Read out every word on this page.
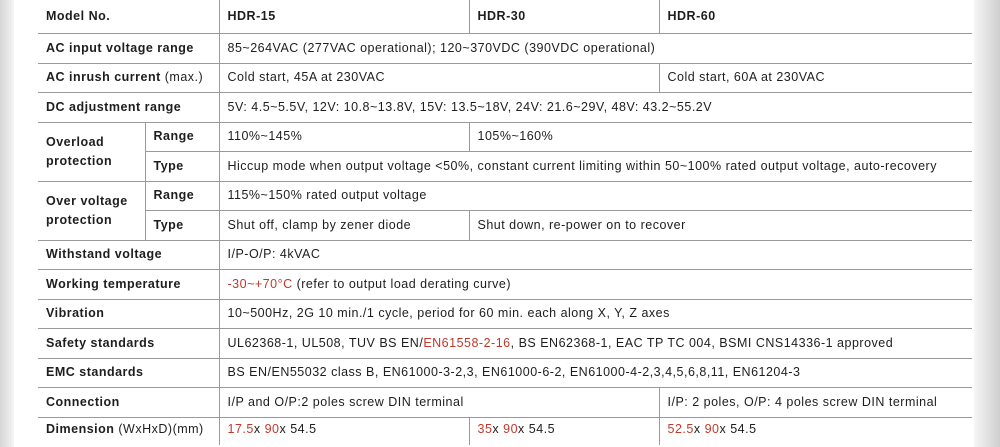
Model No.		HDR-15	HDR-30	HDR-60
AC input voltage range		85~264VAC (277VAC operational); 120~370VDC (390VDC operational)		
AC inrush current (max.)		Cold start, 45A at 230VAC		Cold start, 60A at 230VAC
DC adjustment range		5V: 4.5~5.5V, 12V: 10.8~13.8V, 15V: 13.5~18V, 24V: 21.6~29V, 48V: 43.2~55.2V		
Overload protection	Range	110%~145%	105%~160%	
	Type	Hiccup mode when output voltage <50%, constant current limiting within 50~100% rated output voltage, auto-recovery		
Over voltage protection	Range	115%~150% rated output voltage		
	Type	Shut off, clamp by zener diode	Shut down, re-power on to recover	
Withstand voltage		I/P-O/P: 4kVAC		
Working temperature		-30~+70°C (refer to output load derating curve)		
Vibration		10~500Hz, 2G 10 min./1 cycle, period for 60 min. each along X, Y, Z axes		
Safety standards		UL62368-1, UL508, TUV BS EN/EN61558-2-16, BS EN62368-1, EAC TP TC 004, BSMI CNS14336-1 approved		
EMC standards		BS EN/EN55032 class B, EN61000-3-2,3, EN61000-6-2, EN61000-4-2,3,4,5,6,8,11, EN61204-3		
Connection		I/P and O/P:2 poles screw DIN terminal		I/P: 2 poles, O/P: 4 poles screw DIN terminal
Dimension (WxHxD)(mm)		17.5x 90x 54.5	35x 90x 54.5	52.5x 90x 54.5
